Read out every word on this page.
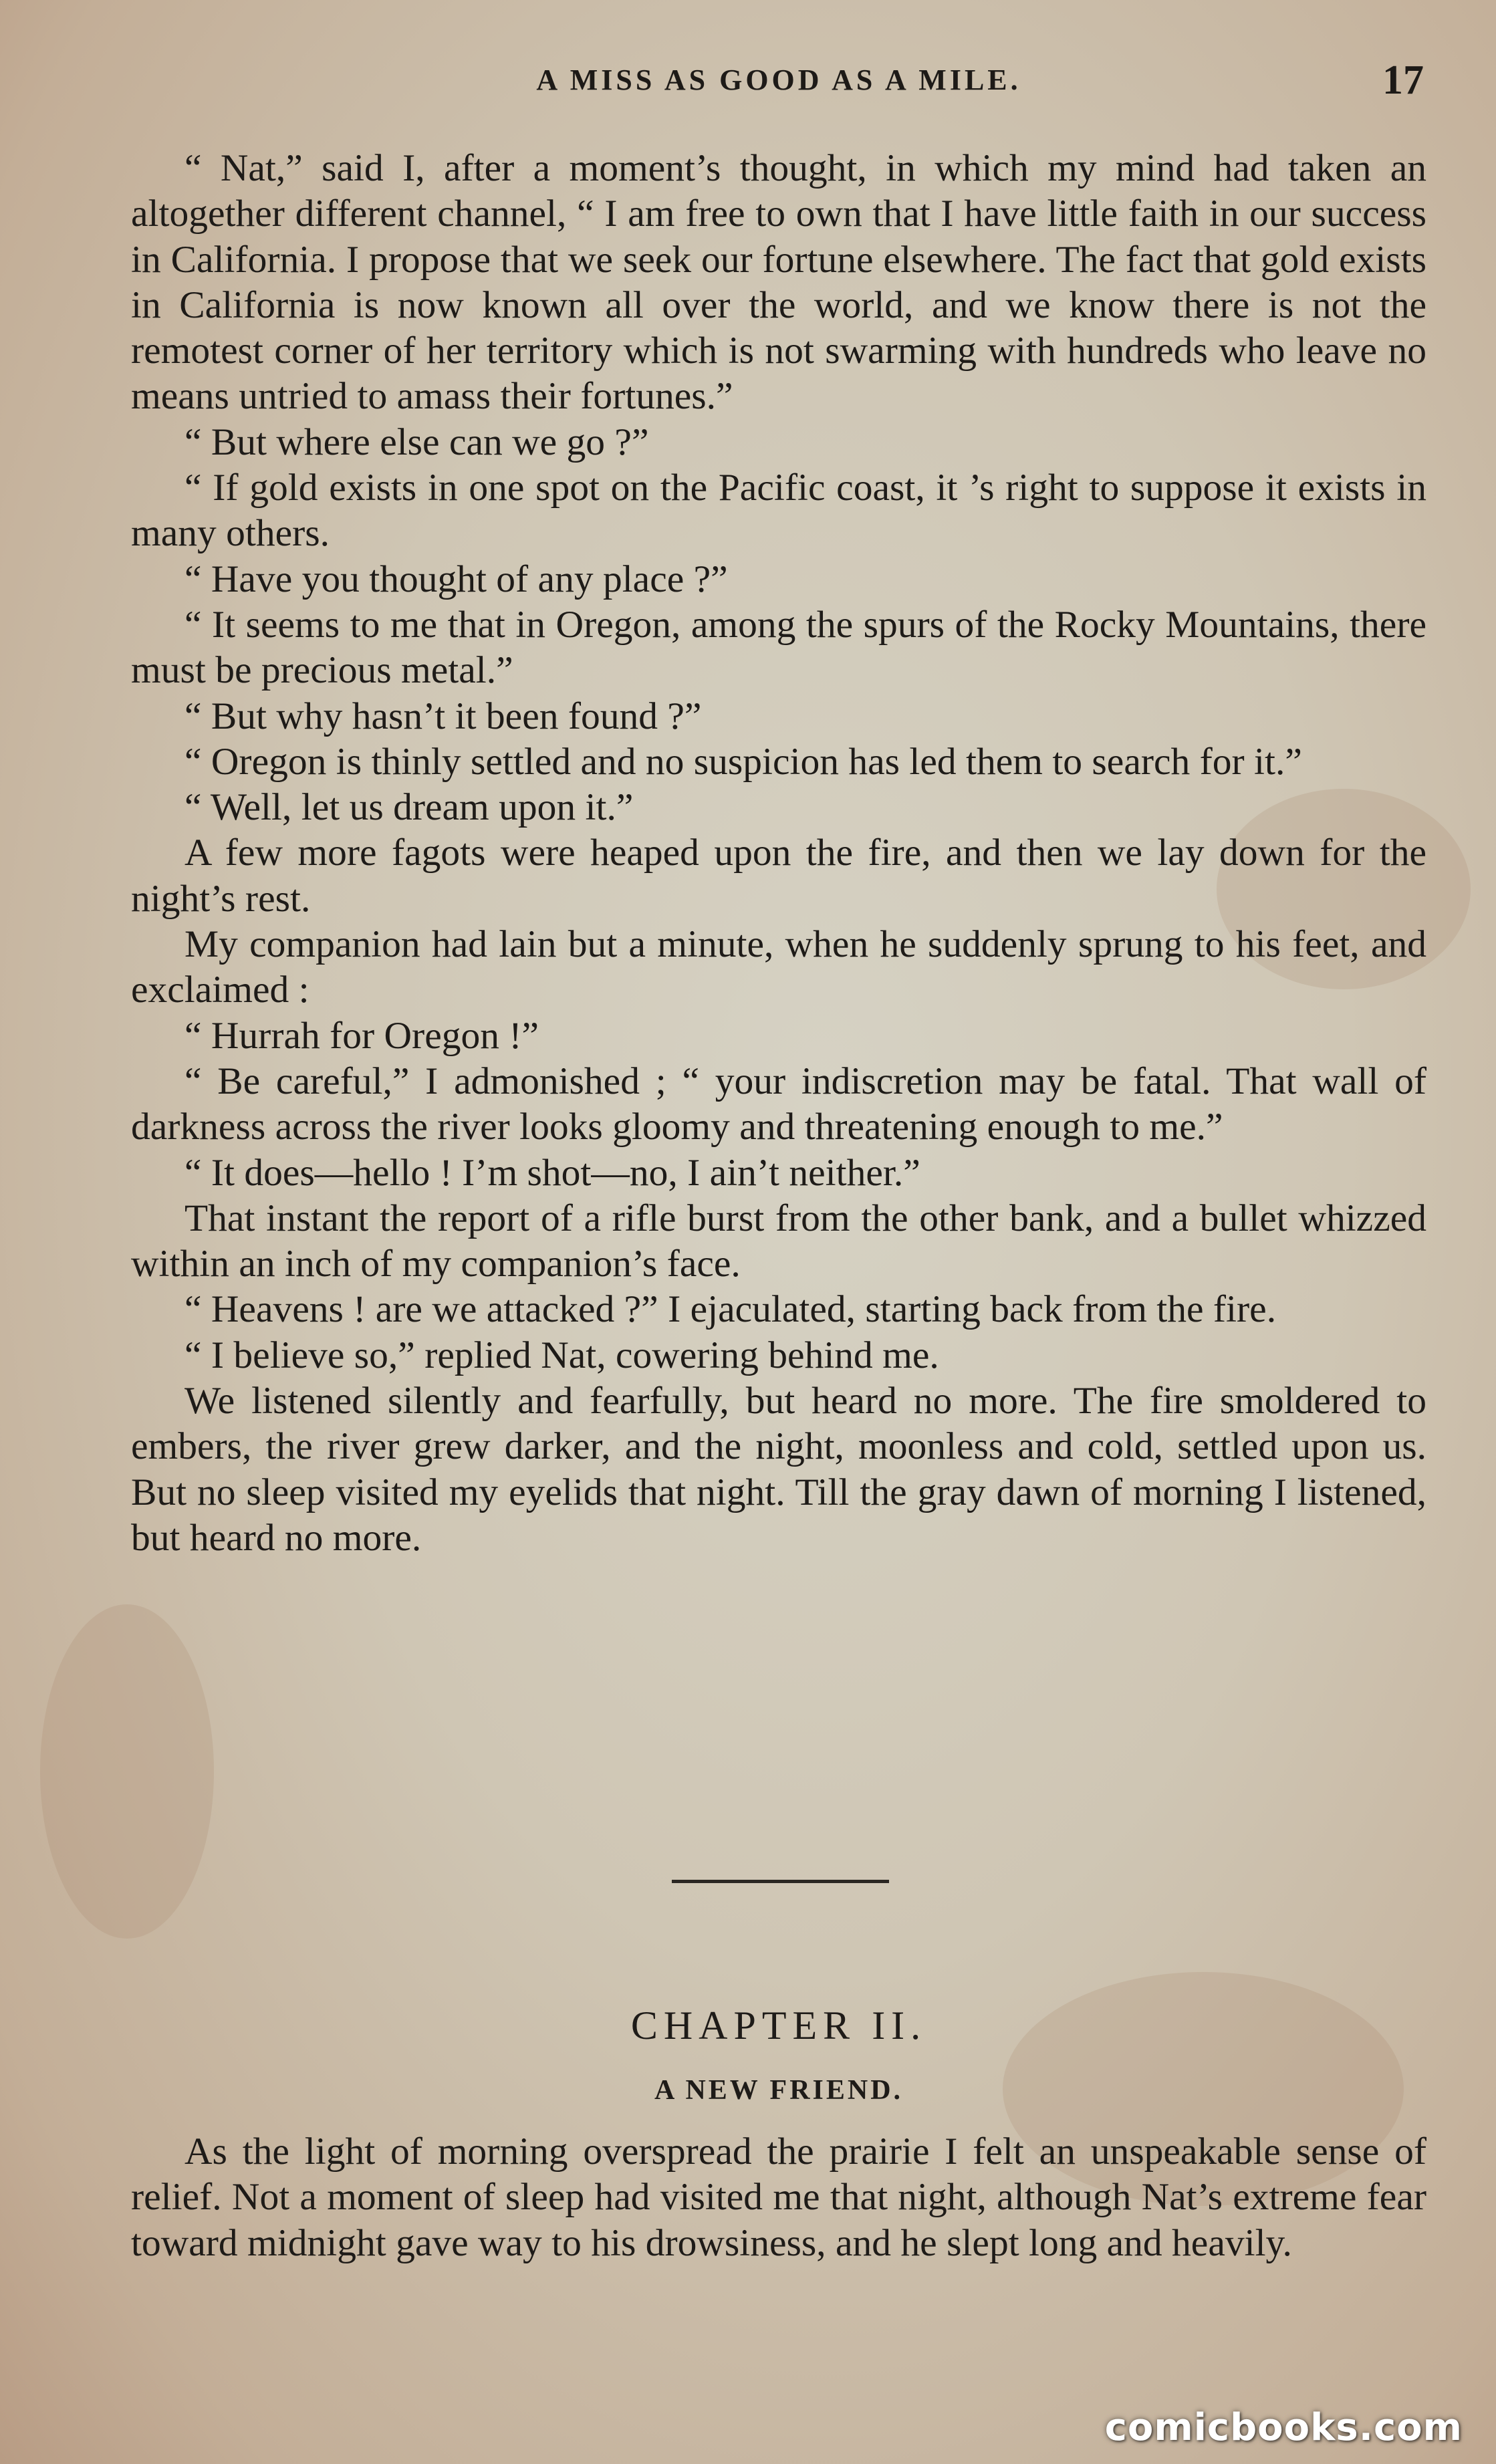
A MISS AS GOOD AS A MILE.	17

“ Nat,” said I, after a moment’s thought, in which my mind had taken an altogether different channel, “ I am free to own that I have little faith in our success in California. I propose that we seek our fortune elsewhere. The fact that gold exists in California is now known all over the world, and we know there is not the remotest corner of her territory which is not swarming with hundreds who leave no means untried to amass their fortunes.”

“ But where else can we go ?”

“ If gold exists in one spot on the Pacific coast, it ’s right to suppose it exists in many others.

“ Have you thought of any place ?”

“ It seems to me that in Oregon, among the spurs of the Rocky Mountains, there must be precious metal.”

“ But why hasn’t it been found ?”

“ Oregon is thinly settled and no suspicion has led them to search for it.”

“ Well, let us dream upon it.”

A few more fagots were heaped upon the fire, and then we lay down for the night’s rest.

My companion had lain but a minute, when he suddenly sprung to his feet, and exclaimed :

“ Hurrah for Oregon !”

“ Be careful,” I admonished ; “ your indiscretion may be fatal. That wall of darkness across the river looks gloomy and threatening enough to me.”

“ It does—hello ! I’m shot—no, I ain’t neither.”

That instant the report of a rifle burst from the other bank, and a bullet whizzed within an inch of my companion’s face.

“ Heavens ! are we attacked ?” I ejaculated, starting back from the fire.

“ I believe so,” replied Nat, cowering behind me.

We listened silently and fearfully, but heard no more. The fire smoldered to embers, the river grew darker, and the night, moonless and cold, settled upon us. But no sleep visited my eyelids that night. Till the gray dawn of morning I listened, but heard no more.

CHAPTER II.
A NEW FRIEND.

As the light of morning overspread the prairie I felt an unspeakable sense of relief. Not a moment of sleep had visited me that night, although Nat’s extreme fear toward midnight gave way to his drowsiness, and he slept long and heavily.

comicbooks.com
